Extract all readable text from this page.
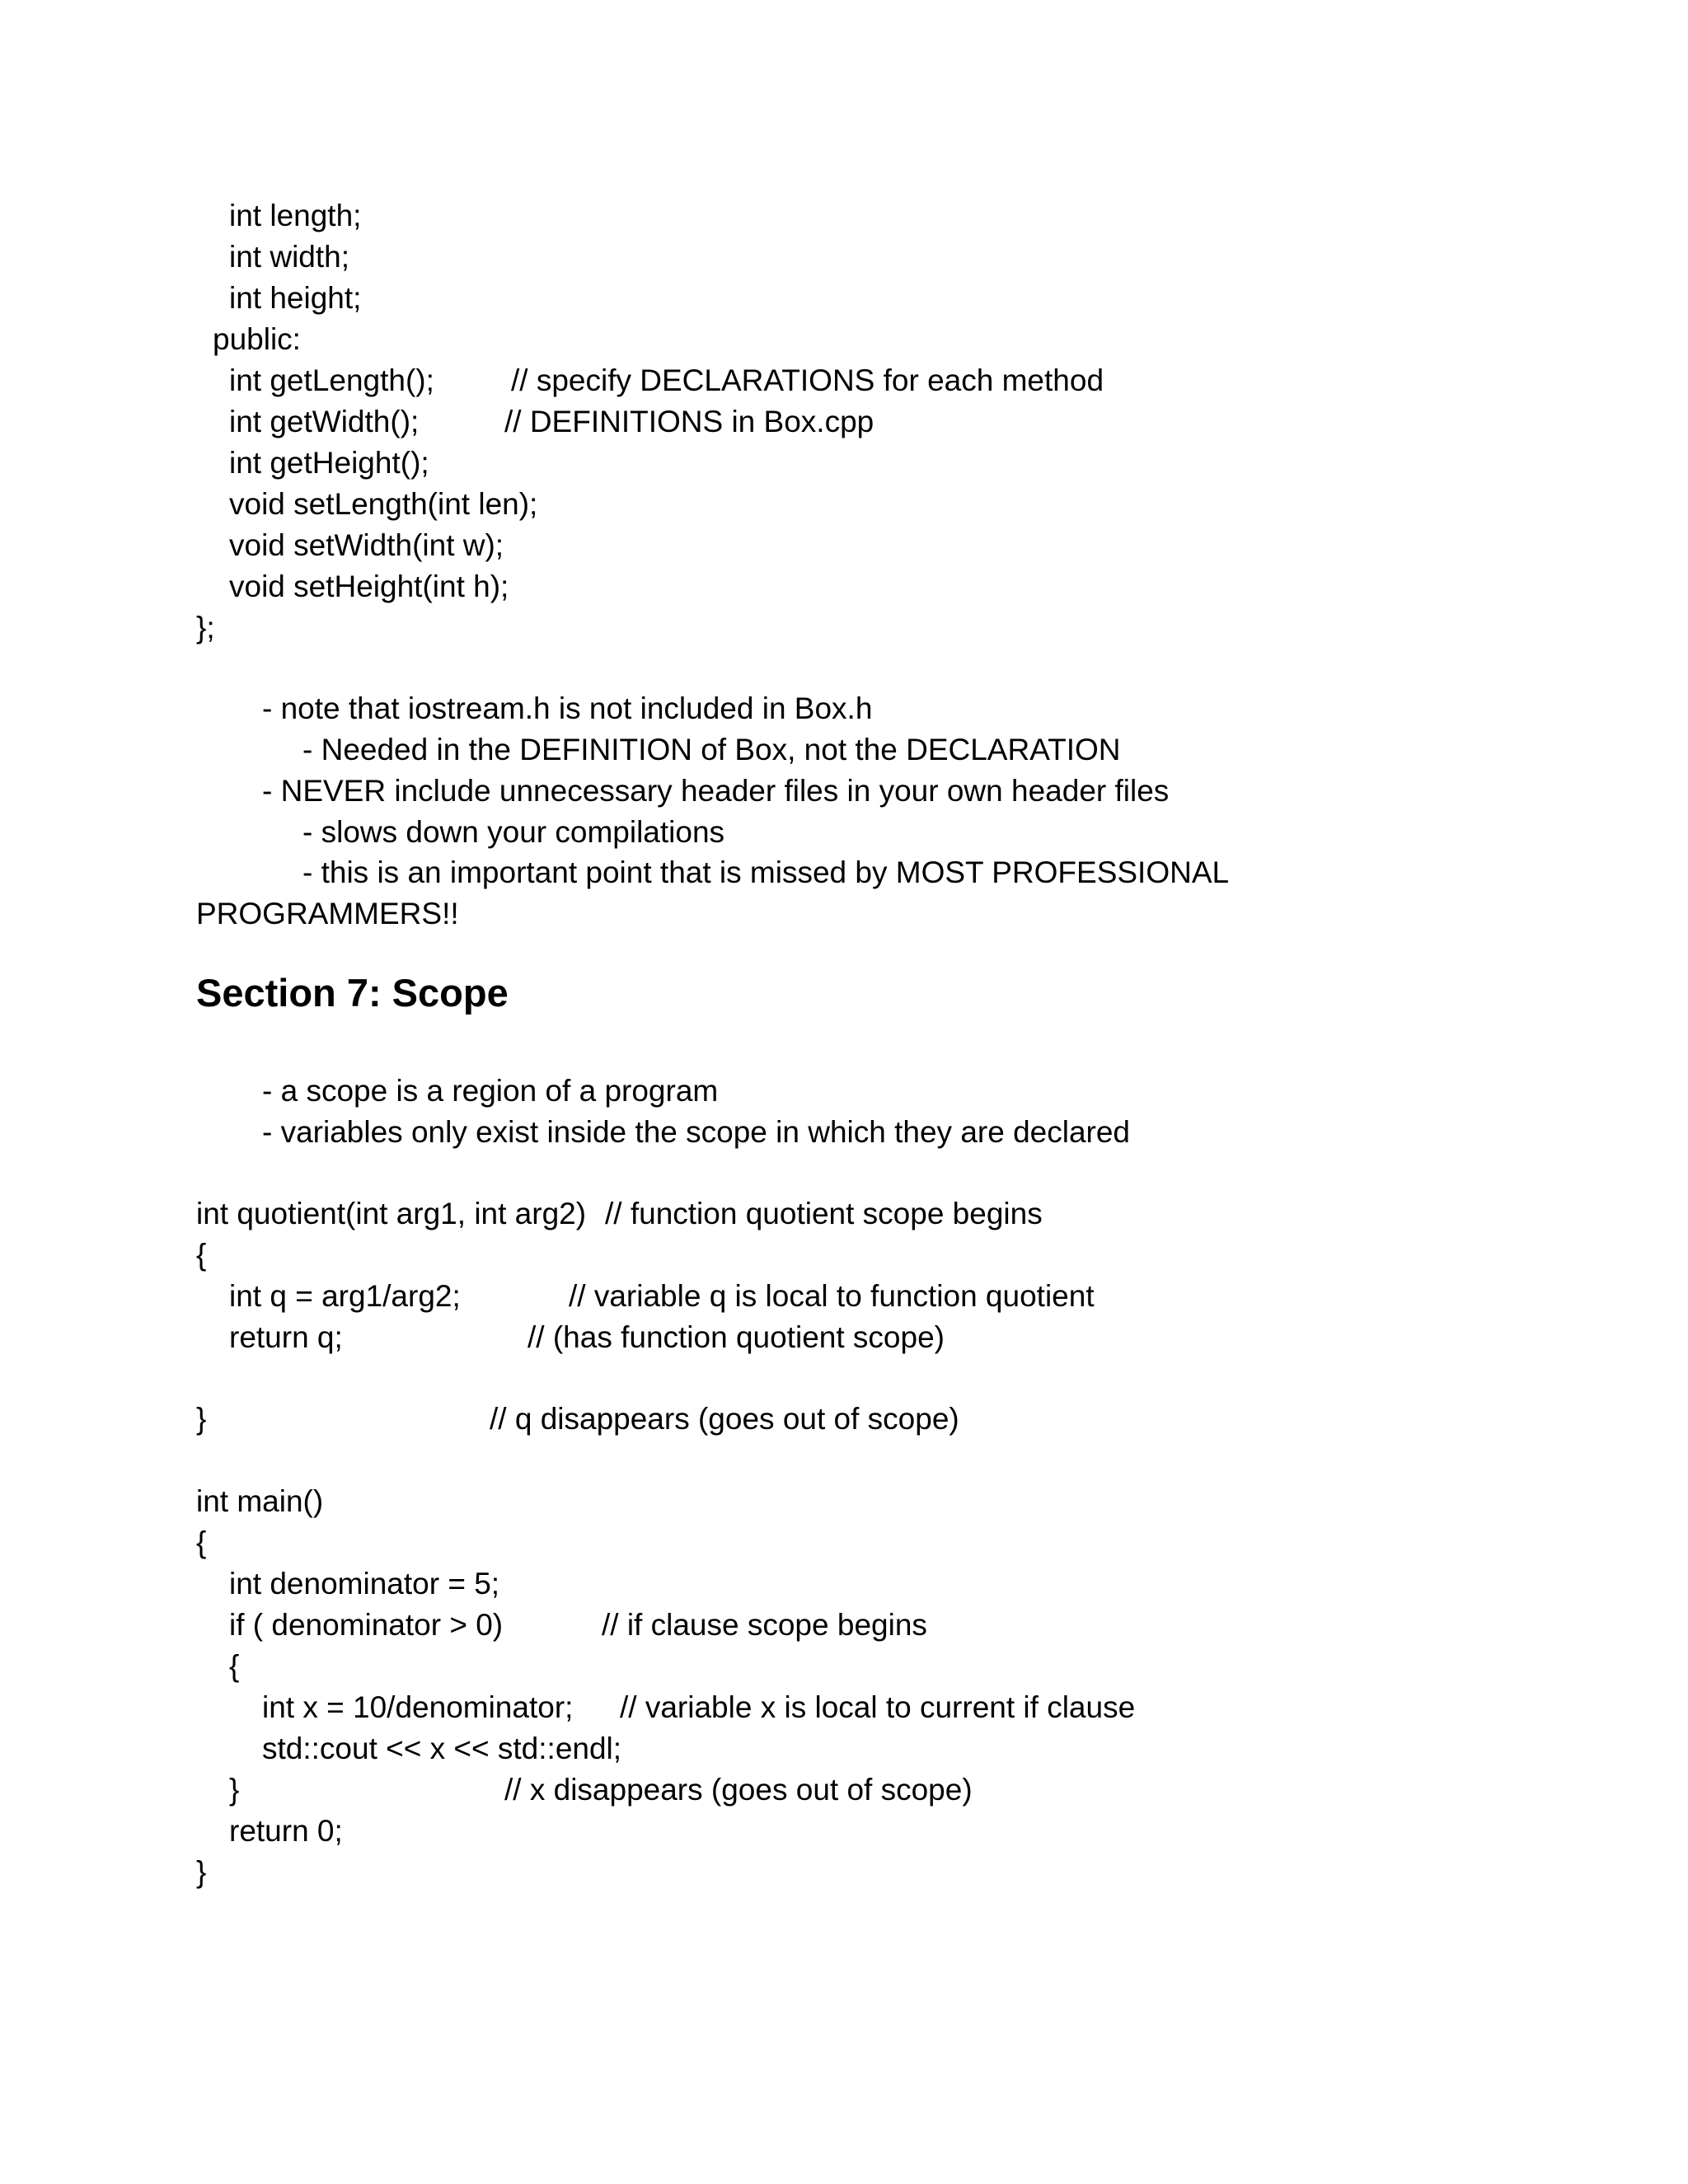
int length;

int width;

int height;

public:

int getLength();	// specify DECLARATIONS for each method

int getWidth();	// DEFINITIONS in Box.cpp

int getHeight();

void setLength(int len);

void setWidth(int w);

void setHeight(int h);

};

- note that iostream.h is not included in Box.h

- Needed in the DEFINITION of Box, not the DECLARATION

- NEVER include unnecessary header files in your own header files

- slows down your compilations

- this is an important point that is missed by MOST PROFESSIONAL

PROGRAMMERS!!

Section 7: Scope

- a scope is a region of a program

- variables only exist inside the scope in which they are declared

int quotient(int arg1, int arg2) // function quotient scope begins

{

int q = arg1/arg2;	// variable q is local to function quotient

return q;	// (has function quotient scope)

}	// q disappears (goes out of scope)

int main()

{

int denominator = 5;

if ( denominator > 0)	// if clause scope begins

{

int x = 10/denominator; // variable x is local to current if clause

std::cout << x << std::endl;

}	// x disappears (goes out of scope)

return 0;

}
